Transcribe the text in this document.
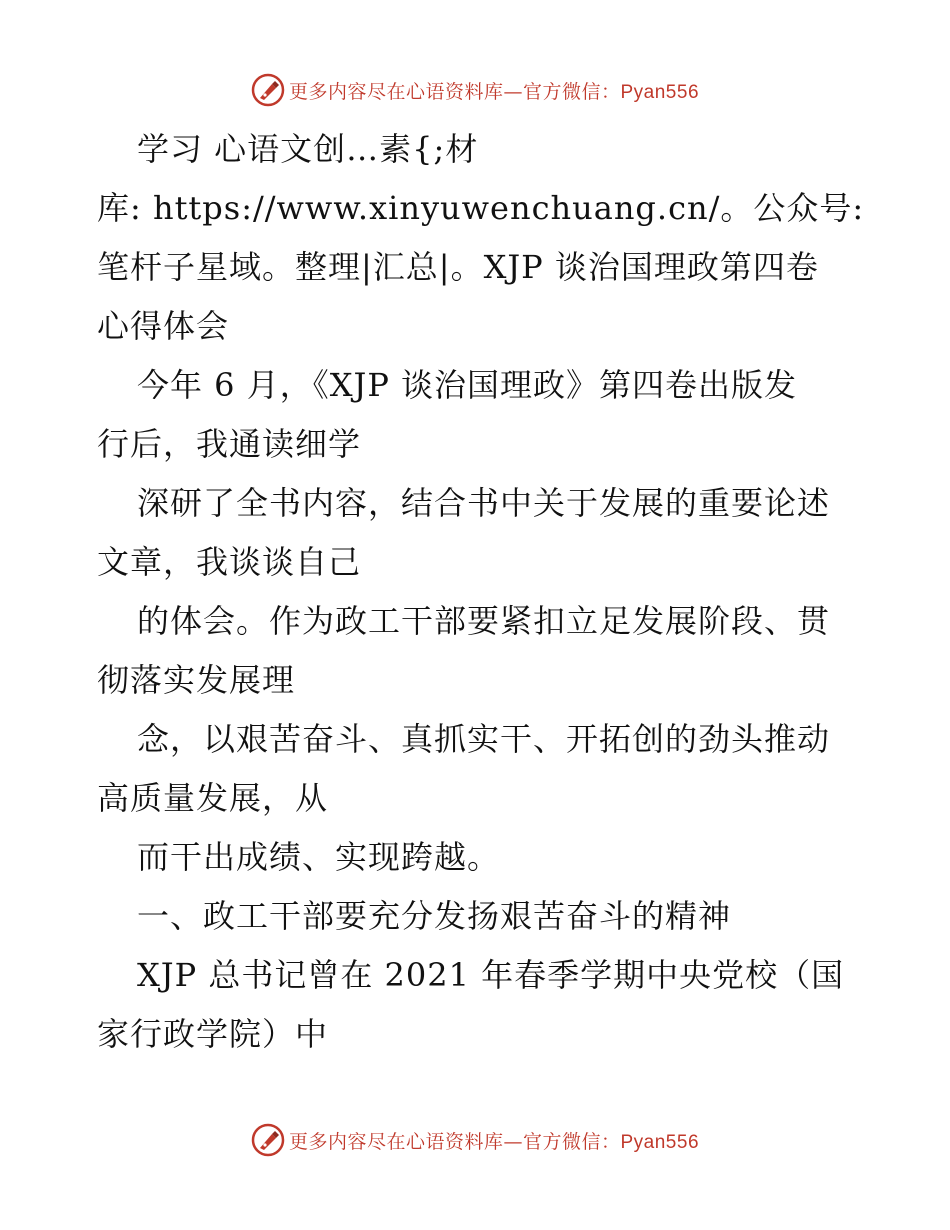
更多内容尽在心语资料库—官方微信：Pyan556

学习 心语文创…素{;材

库: https://www.xinyuwenchuang.cn/。公众号:

笔杆子星域。整理|汇总|。XJP 谈治国理政第四卷

心得体会

今年 6 月，《XJP 谈治国理政》第四卷出版发

行后，我通读细学

深研了全书内容，结合书中关于发展的重要论述

文章，我谈谈自己

的体会。作为政工干部要紧扣立足发展阶段、贯

彻落实发展理

念，以艰苦奋斗、真抓实干、开拓创的劲头推动

高质量发展，从

而干出成绩、实现跨越。

一、政工干部要充分发扬艰苦奋斗的精神

XJP 总书记曾在 2021 年春季学期中央党校（国

家行政学院）中

更多内容尽在心语资料库—官方微信：Pyan556
